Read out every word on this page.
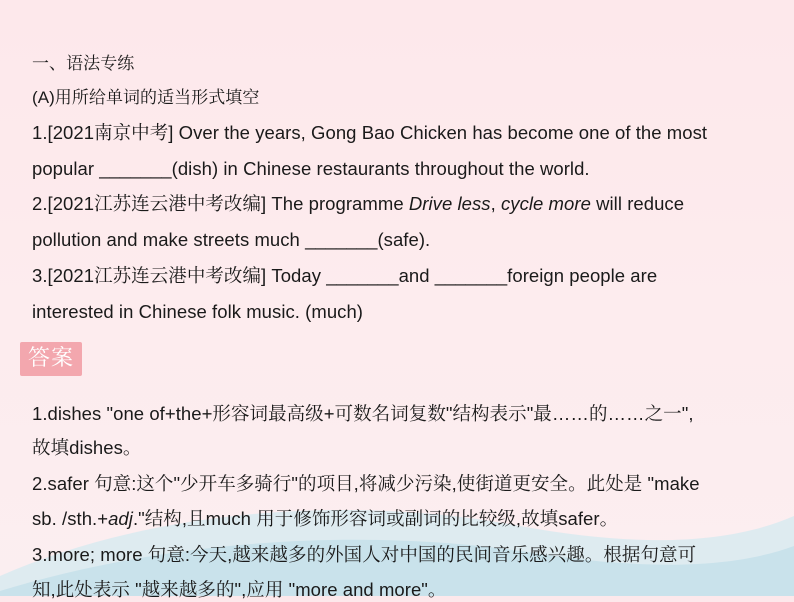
一、语法专练
(A)用所给单词的适当形式填空
1.[2021南京中考] Over the years, Gong Bao Chicken has become one of the most
popular _______(dish) in Chinese restaurants throughout the world.
2.[2021江苏连云港中考改编] The programme Drive less, cycle more will reduce
pollution and make streets much _______(safe).
3.[2021江苏连云港中考改编] Today _______and _______foreign people are
interested in Chinese folk music. (much)
答案
1.dishes "one of+the+形容词最高级+可数名词复数"结构表示"最……的……之一",
故填dishes。
2.safer 句意:这个"少开车多骑行"的项目,将减少污染,使街道更安全。此处是 "make
sb. /sth.+adj."结构,且much 用于修饰形容词或副词的比较级,故填safer。
3.more; more 句意:今天,越来越多的外国人对中国的民间音乐感兴趣。根据句意可
知,此处表示 "越来越多的",应用 "more and more"。
